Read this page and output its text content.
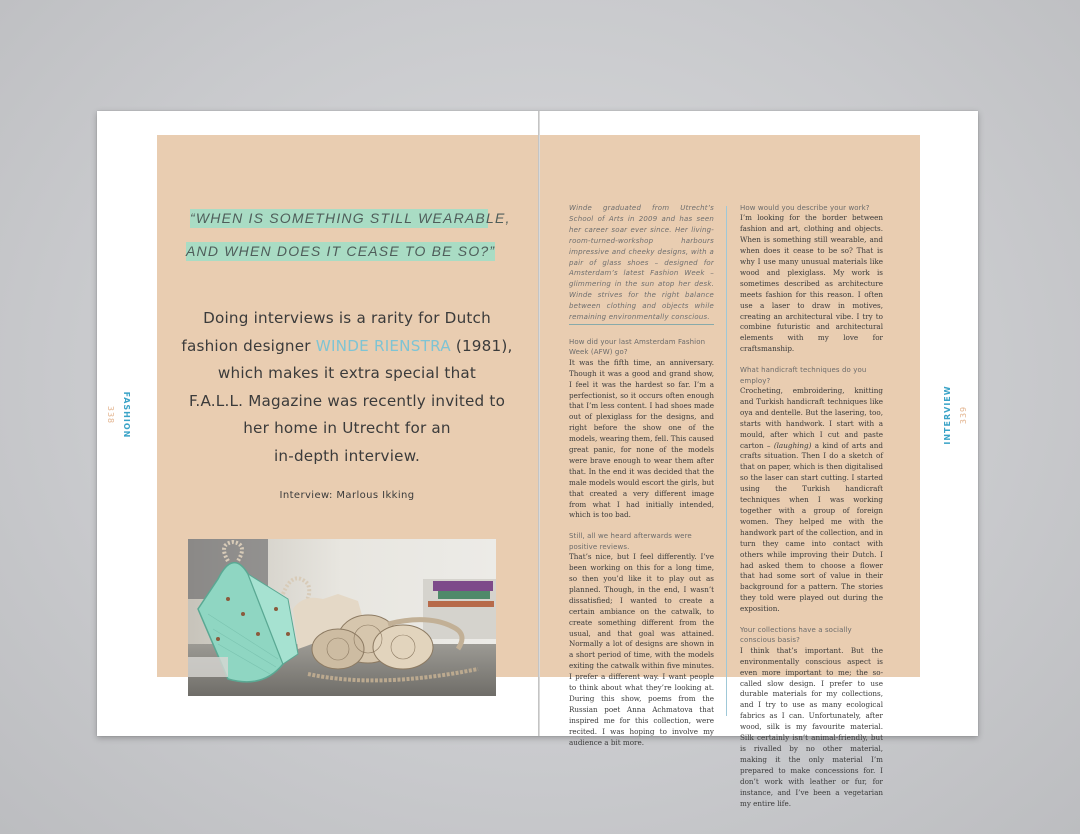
“WHEN IS SOMETHING STILL WEARABLE,
AND WHEN DOES IT CEASE TO BE SO?”
Doing interviews is a rarity for Dutch
fashion designer WINDE RIENSTRA (1981),
which makes it extra special that
F.A.L.L. Magazine was recently invited to
her home in Utrecht for an
in-depth interview.
Interview: Marlous Ikking
FASHION
338	INTERVIEW 339

Winde graduated from Utrecht’s School of Arts in 2009 and has seen her career soar ever since. Her living-room-turned-workshop harbours impressive and cheeky designs, with a pair of glass shoes – designed for Amsterdam’s latest Fashion Week – glimmering in the sun atop her desk. Winde strives for the right balance between clothing and objects while remaining environmentally conscious.

How did your last Amsterdam Fashion Week (AFW) go?

It was the fifth time, an anniversary. Though it was a good and grand show, I feel it was the hardest so far. I’m a perfectionist, so it occurs often enough that I’m less content. I had shoes made out of plexiglass for the designs, and right before the show one of the models, wearing them, fell. This caused great panic, for none of the models were brave enough to wear them after that. In the end it was decided that the male models would escort the girls, but that created a very different image from what I had initially intended, which is too bad.

Still, all we heard afterwards were positive reviews.

That’s nice, but I feel differently. I’ve been working on this for a long time, so then you’d like it to play out as planned. Though, in the end, I wasn’t dissatisfied; I wanted to create a certain ambiance on the catwalk, to create something different from the usual, and that goal was attained. Normally a lot of designs are shown in a short period of time, with the models exiting the catwalk within five minutes. I prefer a different way. I want people to think about what they’re looking at. During this show, poems from the Russian poet Anna Achmatova that inspired me for this collection, were recited. I was hoping to involve my audience a bit more.

How would you describe your work?

I’m looking for the border between fashion and art, clothing and objects. When is something still wearable, and when does it cease to be so? That is why I use many unusual materials like wood and plexiglass. My work is sometimes described as architecture meets fashion for this reason. I often use a laser to draw in motives, creating an architectural vibe. I try to combine futuristic and architectural elements with my love for craftsmanship.

What handicraft techniques do you employ?

Crocheting, embroidering, knitting and Turkish handicraft techniques like oya and dentelle. But the lasering, too, starts with handwork. I start with a mould, after which I cut and paste carton – (laughing) a kind of arts and crafts situation. Then I do a sketch of that on paper, which is then digitalised so the laser can start cutting. I started using the Turkish handicraft techniques when I was working together with a group of foreign women. They helped me with the handwork part of the collection, and in turn they came into contact with others while improving their Dutch. I had asked them to choose a flower that had some sort of value in their background for a pattern. The stories they told were played out during the exposition.

Your collections have a socially conscious basis?

I think that’s important. But the environmentally conscious aspect is even more important to me; the so-called slow design. I prefer to use durable materials for my collections, and I try to use as many ecological fabrics as I can. Unfortunately, after wood, silk is my favourite material. Silk certainly isn’t animal-friendly, but is rivalled by no other material, making it the only material I’m prepared to make concessions for. I don’t work with leather or fur, for instance, and I’ve been a vegetarian my entire life.
